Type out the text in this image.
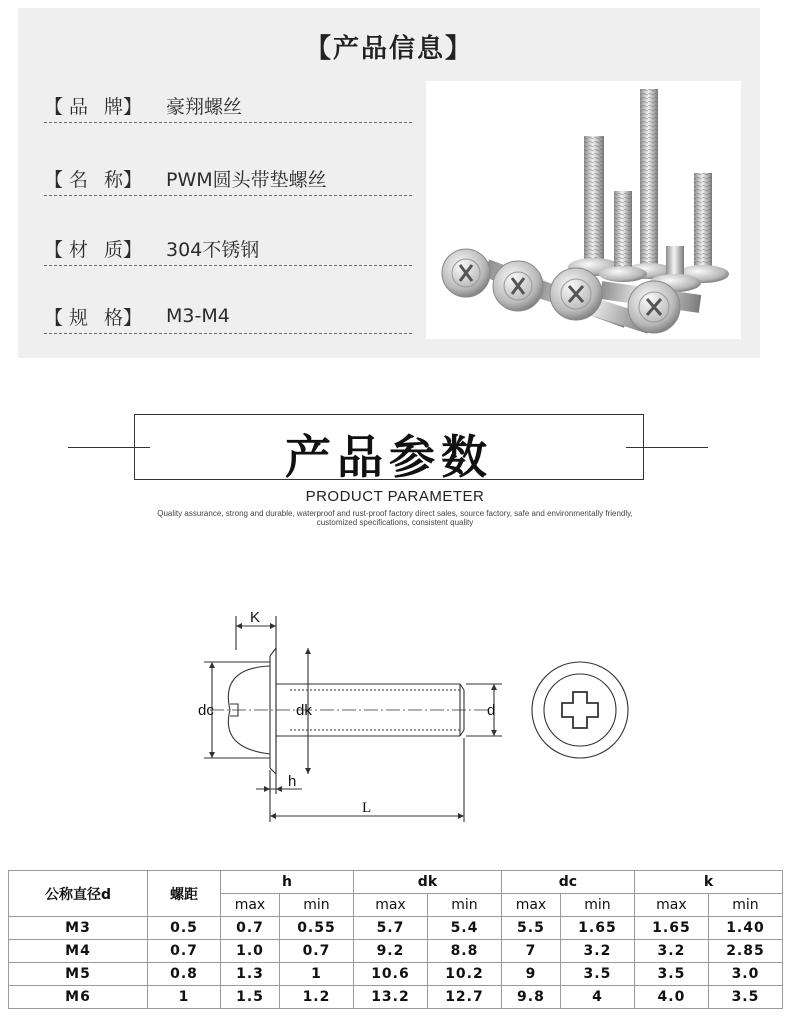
【产品信息】
【 品 牌】	豪翔螺丝
【 名 称】	PWM圆头带垫螺丝
【 材 质】	304不锈钢
【 规 格】	M3-M4
产品参数
PRODUCT PARAMETER
Quality assurance, strong and durable, waterproof and rust-proof factory direct sales, source factory, safe and environmentally friendly, customized specifications, consistent quality
K
dc	dk	d
h
L
公称直径d	螺距	h		dk		dc		k	
		max	min	max	min	max	min	max	min
M3	0.5	0.7	0.55	5.7	5.4	5.5	1.65	1.65	1.40
M4	0.7	1.0	0.7	9.2	8.8	7	3.2	3.2	2.85
M5	0.8	1.3	1	10.6	10.2	9	3.5	3.5	3.0
M6	1	1.5	1.2	13.2	12.7	9.8	4	4.0	3.5
